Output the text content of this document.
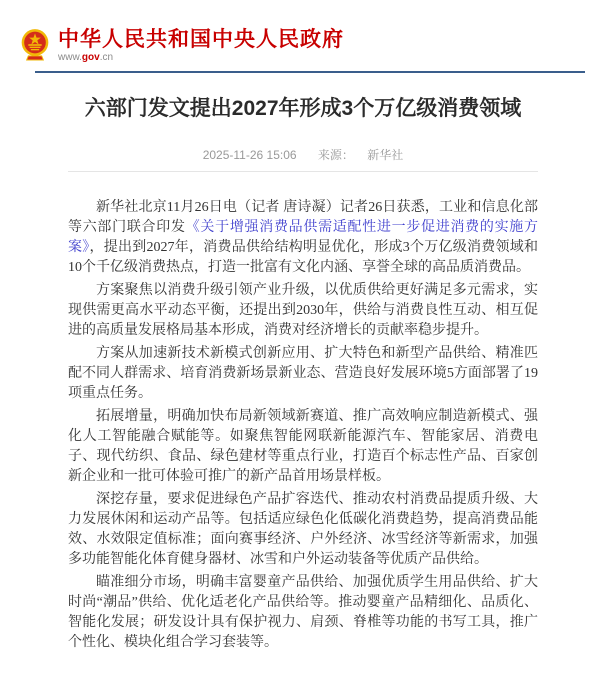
中华人民共和国中央人民政府
www.gov.cn
六部门发文提出2027年形成3个万亿级消费领域
2025-11-26 15:06 来源： 新华社

新华社北京11月26日电（记者 唐诗凝）记者26日获悉，工业和信息化部等六部门联合印发《关于增强消费品供需适配性进一步促进消费的实施方案》，提出到2027年，消费品供给结构明显优化，形成3个万亿级消费领域和10个千亿级消费热点，打造一批富有文化内涵、享誉全球的高品质消费品。

方案聚焦以消费升级引领产业升级，以优质供给更好满足多元需求，实现供需更高水平动态平衡，还提出到2030年，供给与消费良性互动、相互促进的高质量发展格局基本形成，消费对经济增长的贡献率稳步提升。

方案从加速新技术新模式创新应用、扩大特色和新型产品供给、精准匹配不同人群需求、培育消费新场景新业态、营造良好发展环境5方面部署了19项重点任务。

拓展增量，明确加快布局新领域新赛道、推广高效响应制造新模式、强化人工智能融合赋能等。如聚焦智能网联新能源汽车、智能家居、消费电子、现代纺织、食品、绿色建材等重点行业，打造百个标志性产品、百家创新企业和一批可体验可推广的新产品首用场景样板。

深挖存量，要求促进绿色产品扩容迭代、推动农村消费品提质升级、大力发展休闲和运动产品等。包括适应绿色化低碳化消费趋势，提高消费品能效、水效限定值标准；面向赛事经济、户外经济、冰雪经济等新需求，加强多功能智能化体育健身器材、冰雪和户外运动装备等优质产品供给。

瞄准细分市场，明确丰富婴童产品供给、加强优质学生用品供给、扩大时尚“潮品”供给、优化适老化产品供给等。推动婴童产品精细化、品质化、智能化发展；研发设计具有保护视力、肩颈、脊椎等功能的书写工具，推广个性化、模块化组合学习套装等。
